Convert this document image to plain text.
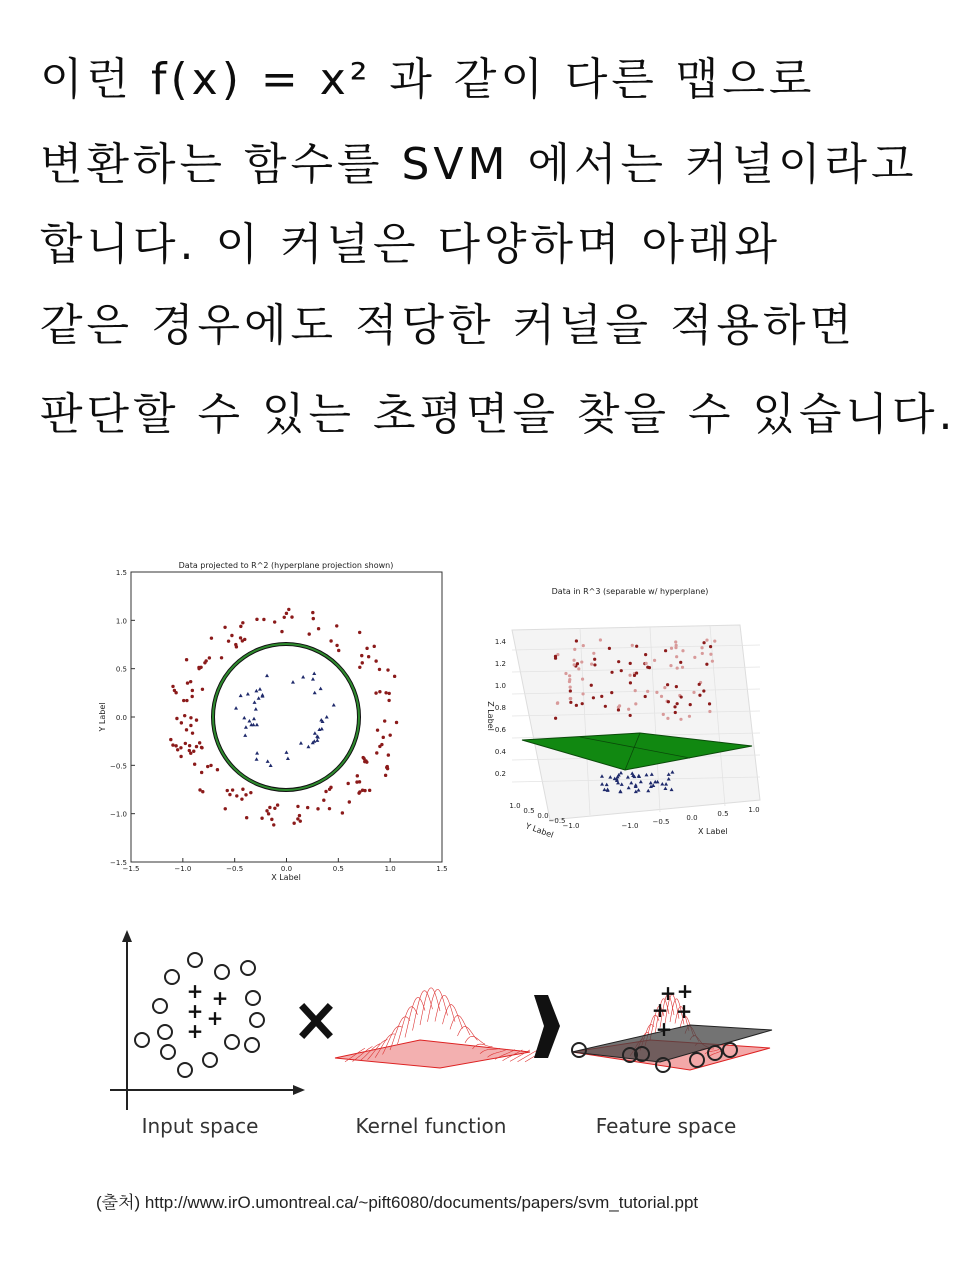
이런 f(x) = x² 과 같이 다른 맵으로
변환하는 함수를 SVM 에서는 커널이라고
합니다. 이 커널은 다양하며 아래와
같은 경우에도 적당한 커널을 적용하면
판단할 수 있는 초평면을 찾을 수 있습니다.
Data projected to R^2 (hyperplane projection shown)
−1.5	−1.0	−0.5	0.0	0.5	1.0	1.5
1.5
1.0
0.5
0.0
−0.5
−1.0
−1.5
X Label
Y Label
Data in R^3 (separable w/ hyperplane)
1.4
1.2
1.0
0.8
0.6
0.4
0.2
Z Label
−1.0 −0.5 0.0	0.5	1.0
1.0
0.5
0.0
−0.5
−1.0
X Label
Y Label
+ +
+ +
+
+ +
+ +
+
Input space	Kernel function	Feature space
(출처) http://www.irO.umontreal.ca/~pift6080/documents/papers/svm_tutorial.ppt
